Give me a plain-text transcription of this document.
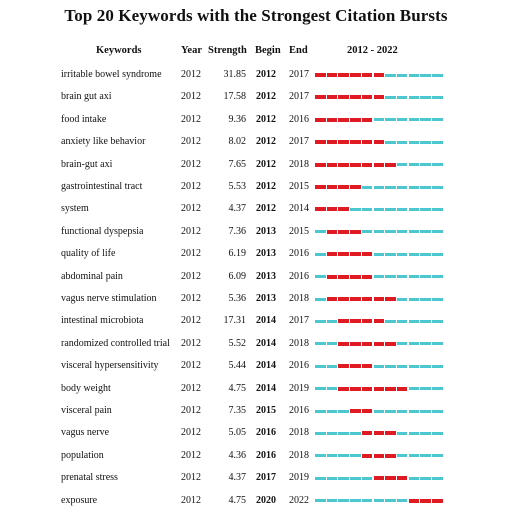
Top 20 Keywords with the Strongest Citation Bursts
Keywords	Year Strength Begin End	2012 - 2022
irritable bowel syndrome 2012	31.85 2012 2017
brain gut axi	2012	17.58 2012 2017
food intake	2012	9.36 2012 2016
anxiety like behavior	2012	8.02 2012 2017
brain-gut axi	2012	7.65 2012 2018
gastrointestinal tract	2012	5.53 2012 2015
system	2012	4.37 2012 2014
functional dyspepsia	2012	7.36 2013 2015
quality of life	2012	6.19 2013 2016
abdominal pain	2012	6.09 2013 2016
vagus nerve stimulation 2012	5.36 2013 2018
intestinal microbiota	2012	17.31 2014 2017
randomized controlled trial 2012	5.52 2014 2018
visceral hypersensitivity 2012	5.44 2014 2016
body weight	2012	4.75 2014 2019
visceral pain	2012	7.35 2015 2016
vagus nerve	2012	5.05 2016 2018
population	2012	4.36 2016 2018
prenatal stress	2012	4.37 2017 2019
exposure	2012	4.75 2020 2022
